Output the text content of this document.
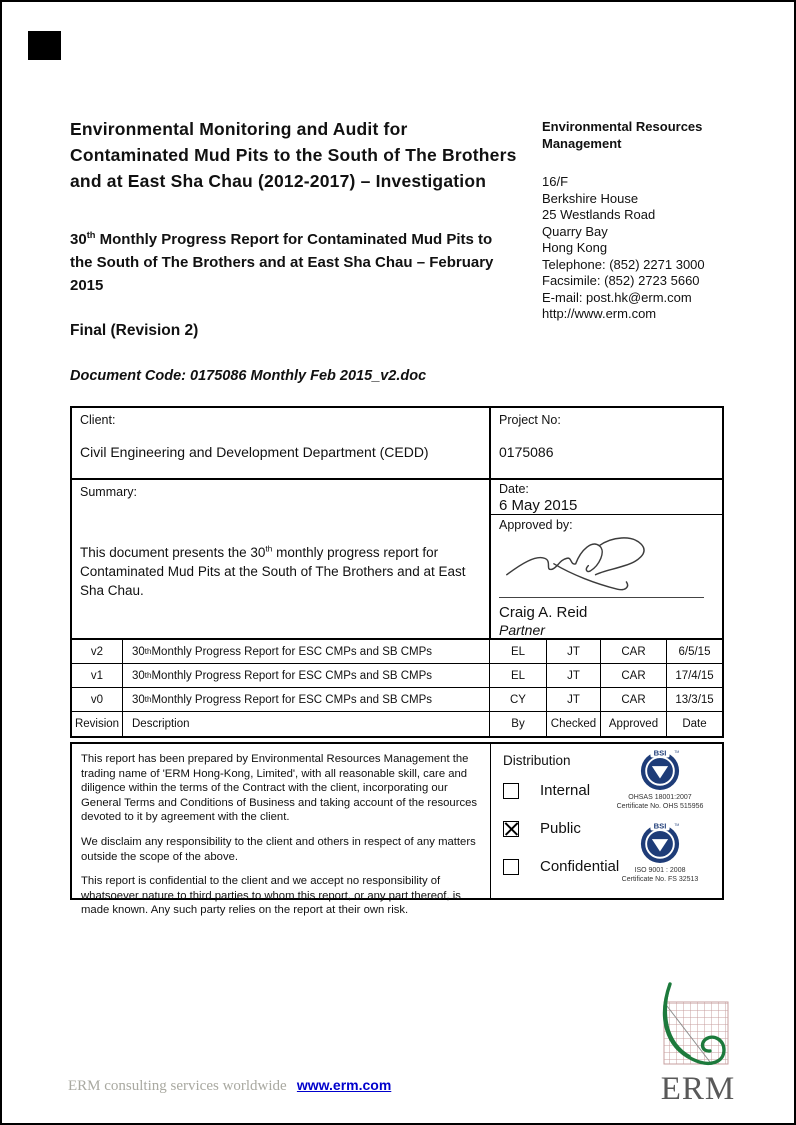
Environmental Monitoring and Audit for Contaminated Mud Pits to the South of The Brothers and at East Sha Chau (2012-2017) – Investigation
30th Monthly Progress Report for Contaminated Mud Pits to the South of The Brothers and at East Sha Chau – February 2015
Final (Revision 2)
Document Code: 0175086 Monthly Feb 2015_v2.doc
Environmental Resources Management
16/F
Berkshire House
25 Westlands Road
Quarry Bay
Hong Kong
Telephone: (852) 2271 3000
Facsimile: (852) 2723 5660
E-mail: post.hk@erm.com
http://www.erm.com
Client:
Civil Engineering and Development Department (CEDD)
Project No:
0175086
Summary:
This document presents the 30th monthly progress report for Contaminated Mud Pits at the South of The Brothers and at East Sha Chau.
Date:
6 May 2015
Approved by:
Craig A. Reid
Partner
v2	30 th Monthly Progress Report for ESC CMPs and SB CMPs	EL	JT	CAR	6/5/15
v1	30 th Monthly Progress Report for ESC CMPs and SB CMPs	EL	JT	CAR	17/4/15
v0	30 th Monthly Progress Report for ESC CMPs and SB CMPs	CY	JT	CAR	13/3/15
Revision	Description	By	Checked	Approved	Date

This report has been prepared by Environmental Resources Management the trading name of 'ERM Hong-Kong, Limited', with all reasonable skill, care and diligence within the terms of the Contract with the client, incorporating our General Terms and Conditions of Business and taking account of the resources devoted to it by agreement with the client.

We disclaim any responsibility to the client and others in respect of any matters outside the scope of the above.

This report is confidential to the client and we accept no responsibility of whatsoever nature to third parties to whom this report, or any part thereof, is made known. Any such party relies on the report at their own risk.

Distribution
Internal
Public
Confidential
BSI TM
OHSAS 18001:2007
Certificate No. OHS 515956
BSI TM
ISO 9001 : 2008
Certificate No. FS 32513
ERM
ERM consulting services worldwide www.erm.com
